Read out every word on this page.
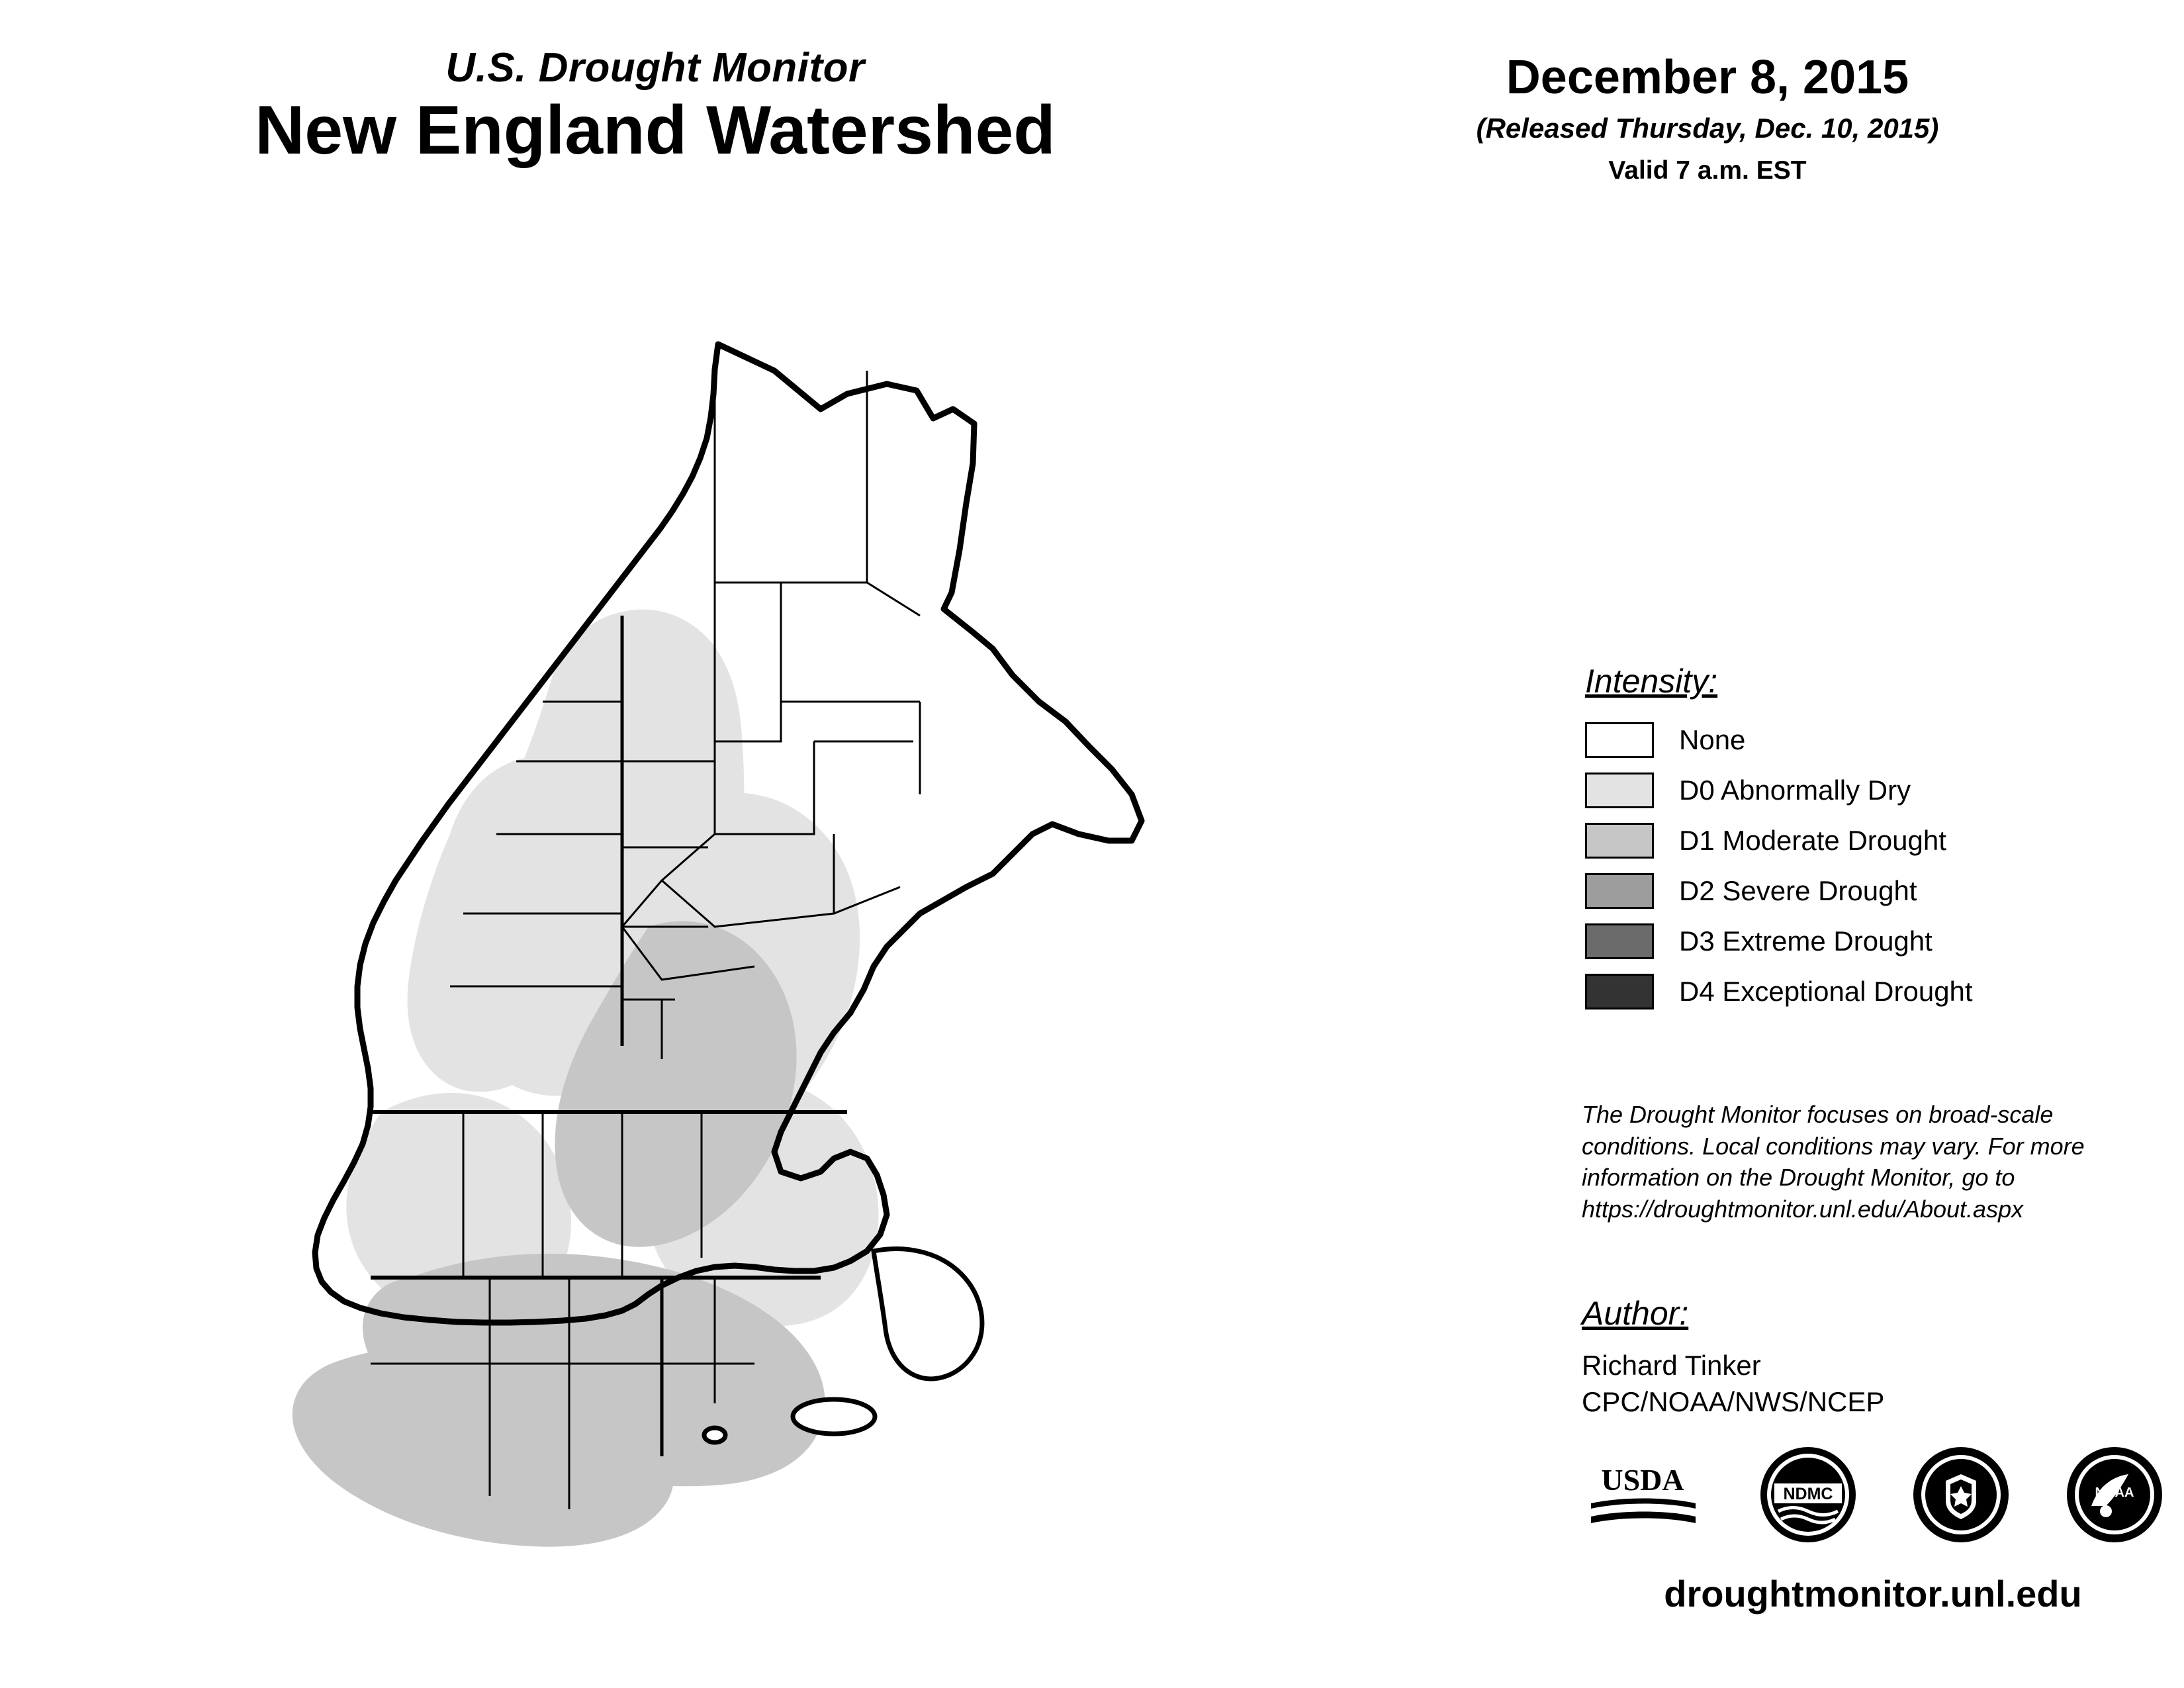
U.S. Drought Monitor
New England Watershed
December 8, 2015
(Released Thursday, Dec. 10, 2015)
Valid 7 a.m. EST
Intensity:
None
D0 Abnormally Dry
D1 Moderate Drought
D2 Severe Drought
D3 Extreme Drought
D4 Exceptional Drought
The Drought Monitor focuses on broad-scale conditions. Local conditions may vary. For more information on the Drought Monitor, go to https://droughtmonitor.unl.edu/About.aspx
Author:
Richard Tinker
CPC/NOAA/NWS/NCEP
USDA	NDMC	NOAA
droughtmonitor.unl.edu
